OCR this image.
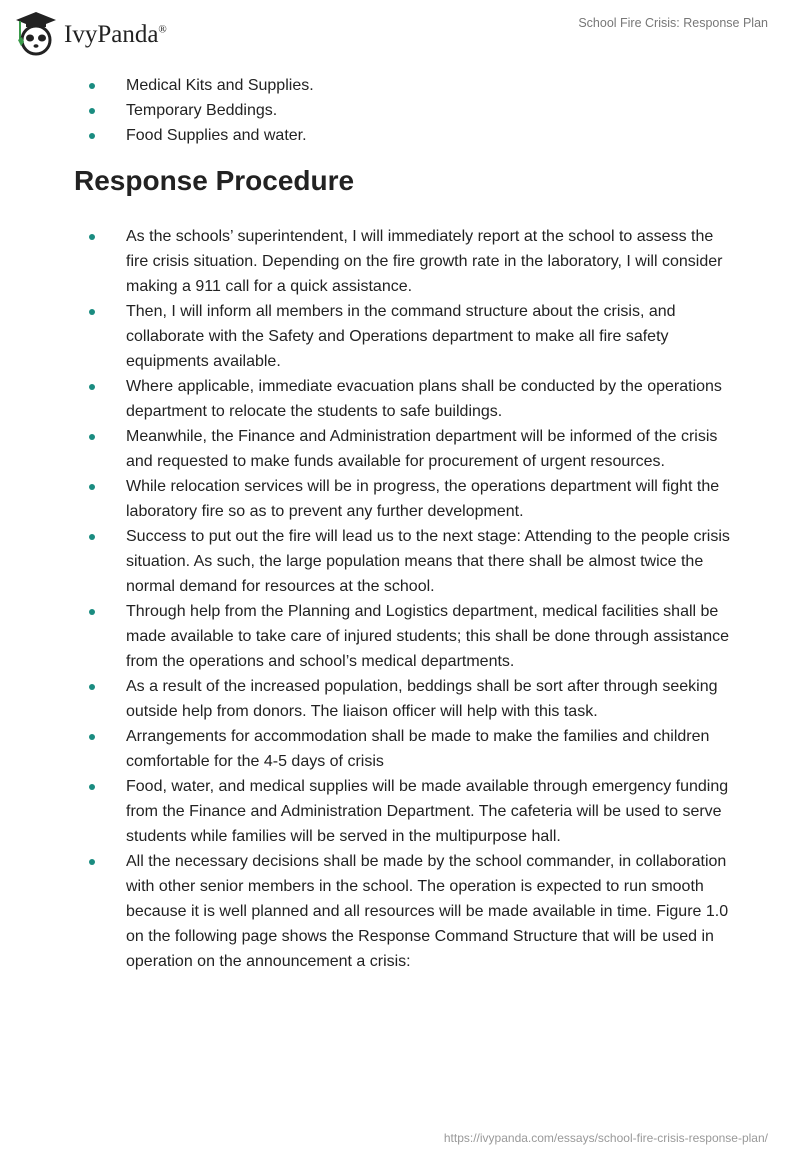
IvyPanda®	School Fire Crisis: Response Plan
Medical Kits and Supplies.
Temporary Beddings.
Food Supplies and water.
Response Procedure
As the schools’ superintendent, I will immediately report at the school to assess the fire crisis situation. Depending on the fire growth rate in the laboratory, I will consider making a 911 call for a quick assistance.
Then, I will inform all members in the command structure about the crisis, and collaborate with the Safety and Operations department to make all fire safety equipments available.
Where applicable, immediate evacuation plans shall be conducted by the operations department to relocate the students to safe buildings.
Meanwhile, the Finance and Administration department will be informed of the crisis and requested to make funds available for procurement of urgent resources.
While relocation services will be in progress, the operations department will fight the laboratory fire so as to prevent any further development.
Success to put out the fire will lead us to the next stage: Attending to the people crisis situation. As such, the large population means that there shall be almost twice the normal demand for resources at the school.
Through help from the Planning and Logistics department, medical facilities shall be made available to take care of injured students; this shall be done through assistance from the operations and school’s medical departments.
As a result of the increased population, beddings shall be sort after through seeking outside help from donors. The liaison officer will help with this task.
Arrangements for accommodation shall be made to make the families and children comfortable for the 4-5 days of crisis
Food, water, and medical supplies will be made available through emergency funding from the Finance and Administration Department. The cafeteria will be used to serve students while families will be served in the multipurpose hall.
All the necessary decisions shall be made by the school commander, in collaboration with other senior members in the school. The operation is expected to run smooth because it is well planned and all resources will be made available in time. Figure 1.0 on the following page shows the Response Command Structure that will be used in operation on the announcement a crisis:
https://ivypanda.com/essays/school-fire-crisis-response-plan/
